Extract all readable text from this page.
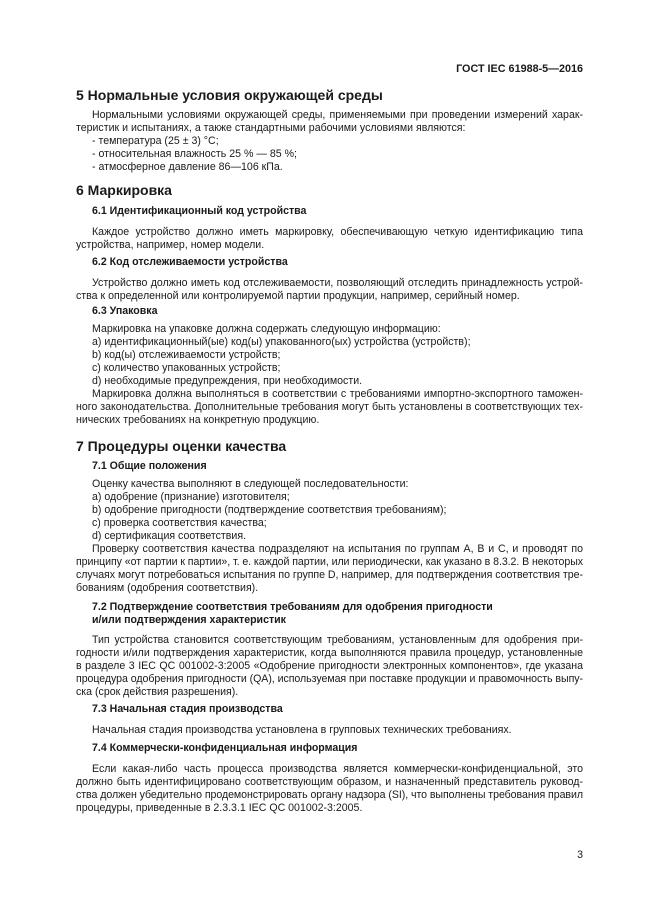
ГОСТ IEC 61988-5—2016
3
5 Нормальные условия окружающей среды
Нормальными условиями окружающей среды, применяемыми при проведении измерений харак-
теристик и испытаниях, а также стандартными рабочими условиями являются:
- температура (25 ± 3) °С;
- относительная влажность 25 % — 85 %;
- атмосферное давление 86—106 кПа.
6 Маркировка
6.1 Идентификационный код устройства
Каждое устройство должно иметь маркировку, обеспечивающую четкую идентификацию типа
устройства, например, номер модели.
6.2 Код отслеживаемости устройства
Устройство должно иметь код отслеживаемости, позволяющий отследить принадлежность устрой-
ства к определенной или контролируемой партии продукции, например, серийный номер.
6.3 Упаковка
Маркировка на упаковке должна содержать следующую информацию:
a) идентификационный(ые) код(ы) упакованного(ых) устройства (устройств);
b) код(ы) отслеживаемости устройств;
c) количество упакованных устройств;
d) необходимые предупреждения, при необходимости.
Маркировка должна выполняться в соответствии с требованиями импортно-экспортного таможен-
ного законодательства. Дополнительные требования могут быть установлены в соответствующих тех-
нических требованиях на конкретную продукцию.
7 Процедуры оценки качества
7.1 Общие положения
Оценку качества выполняют в следующей последовательности:
a) одобрение (признание) изготовителя;
b) одобрение пригодности (подтверждение соответствия требованиям);
c) проверка соответствия качества;
d) сертификация соответствия.
Проверку соответствия качества подразделяют на испытания по группам А, В и С, и проводят по
принципу «от партии к партии», т. е. каждой партии, или периодически, как указано в 8.3.2. В некоторых
случаях могут потребоваться испытания по группе D, например, для подтверждения соответствия тре-
бованиям (одобрения соответствия).
7.2 Подтверждение соответствия требованиям для одобрения пригодности
и/или подтверждения характеристик
Тип устройства становится соответствующим требованиям, установленным для одобрения при-
годности и/или подтверждения характеристик, когда выполняются правила процедур, установленные
в разделе 3 IEC QC 001002-3:2005 «Одобрение пригодности электронных компонентов», где указана
процедура одобрения пригодности (QA), используемая при поставке продукции и правомочность выпу-
ска (срок действия разрешения).
7.3 Начальная стадия производства
Начальная стадия производства установлена в групповых технических требованиях.
7.4 Коммерчески-конфиденциальная информация
Если какая-либо часть процесса производства является коммерчески-конфиденциальной, это
должно быть идентифицировано соответствующим образом, и назначенный представитель руковод-
ства должен убедительно продемонстрировать органу надзора (SI), что выполнены требования правил
процедуры, приведенные в 2.3.3.1 IEC QC 001002-3:2005.
